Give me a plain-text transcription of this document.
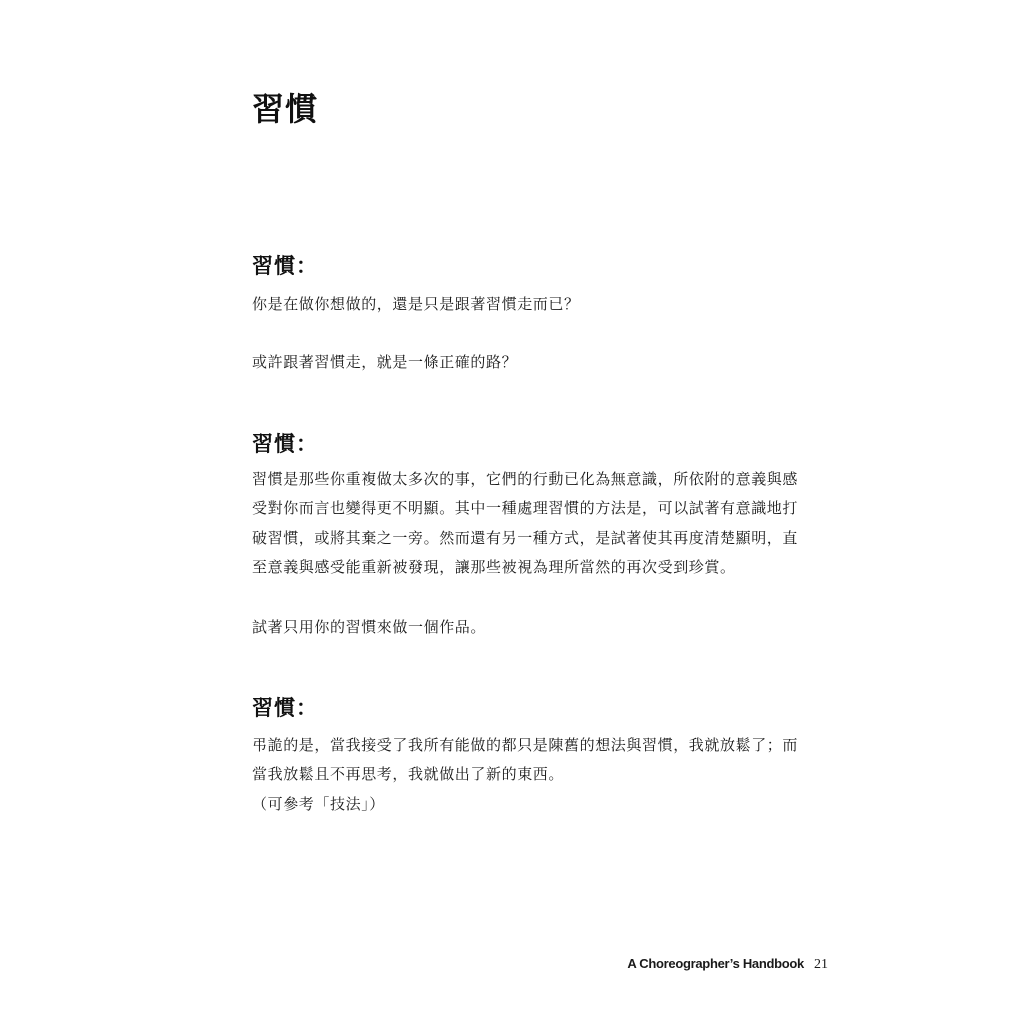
習慣
習慣：

你是在做你想做的，還是只是跟著習慣走而已？

或許跟著習慣走，就是一條正確的路？

習慣：

習慣是那些你重複做太多次的事，它們的行動已化為無意識，所依附的意義與感

受對你而言也變得更不明顯。其中一種處理習慣的方法是，可以試著有意識地打

破習慣，或將其棄之一旁。然而還有另一種方式，是試著使其再度清楚顯明，直

至意義與感受能重新被發現，讓那些被視為理所當然的再次受到珍賞。

試著只用你的習慣來做一個作品。

習慣：

弔詭的是，當我接受了我所有能做的都只是陳舊的想法與習慣，我就放鬆了；而

當我放鬆且不再思考，我就做出了新的東西。

（可參考「技法」）

A Choreographer’s Handbook 21
